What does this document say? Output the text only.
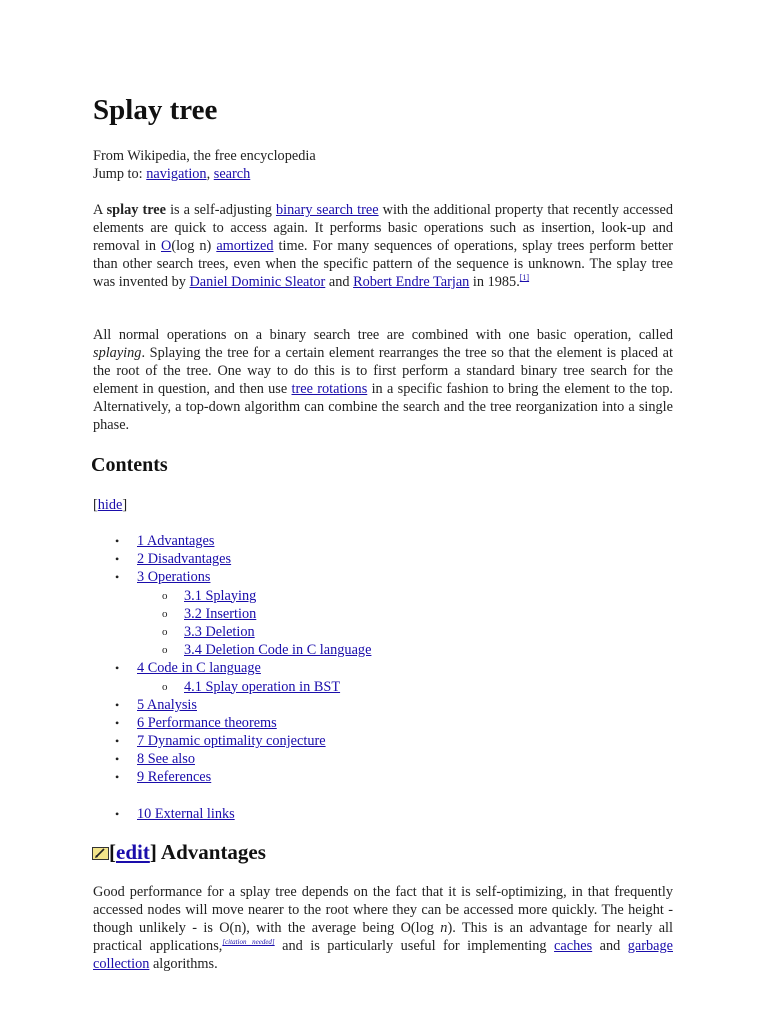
Splay tree
From Wikipedia, the free encyclopedia
Jump to: navigation, search
A splay tree is a self-adjusting binary search tree with the additional property that recently accessed elements are quick to access again. It performs basic operations such as insertion, look-up and removal in O(log n) amortized time. For many sequences of operations, splay trees perform better than other search trees, even when the specific pattern of the sequence is unknown. The splay tree was invented by Daniel Dominic Sleator and Robert Endre Tarjan in 1985.[1]
All normal operations on a binary search tree are combined with one basic operation, called splaying. Splaying the tree for a certain element rearranges the tree so that the element is placed at the root of the tree. One way to do this is to first perform a standard binary tree search for the element in question, and then use tree rotations in a specific fashion to bring the element to the top. Alternatively, a top-down algorithm can combine the search and the tree reorganization into a single phase.
Contents
[hide]
• 1 Advantages
• 2 Disadvantages
• 3 Operations
o 3.1 Splaying
o 3.2 Insertion
o 3.3 Deletion
o 3.4 Deletion Code in C language
• 4 Code in C language
o 4.1 Splay operation in BST
• 5 Analysis
• 6 Performance theorems
• 7 Dynamic optimality conjecture
• 8 See also
• 9 References
• 10 External links
[edit] Advantages
Good performance for a splay tree depends on the fact that it is self-optimizing, in that frequently accessed nodes will move nearer to the root where they can be accessed more quickly. The height - though unlikely - is O(n), with the average being O(log n). This is an advantage for nearly all practical applications,[citation needed] and is particularly useful for implementing caches and garbage collection algorithms.
